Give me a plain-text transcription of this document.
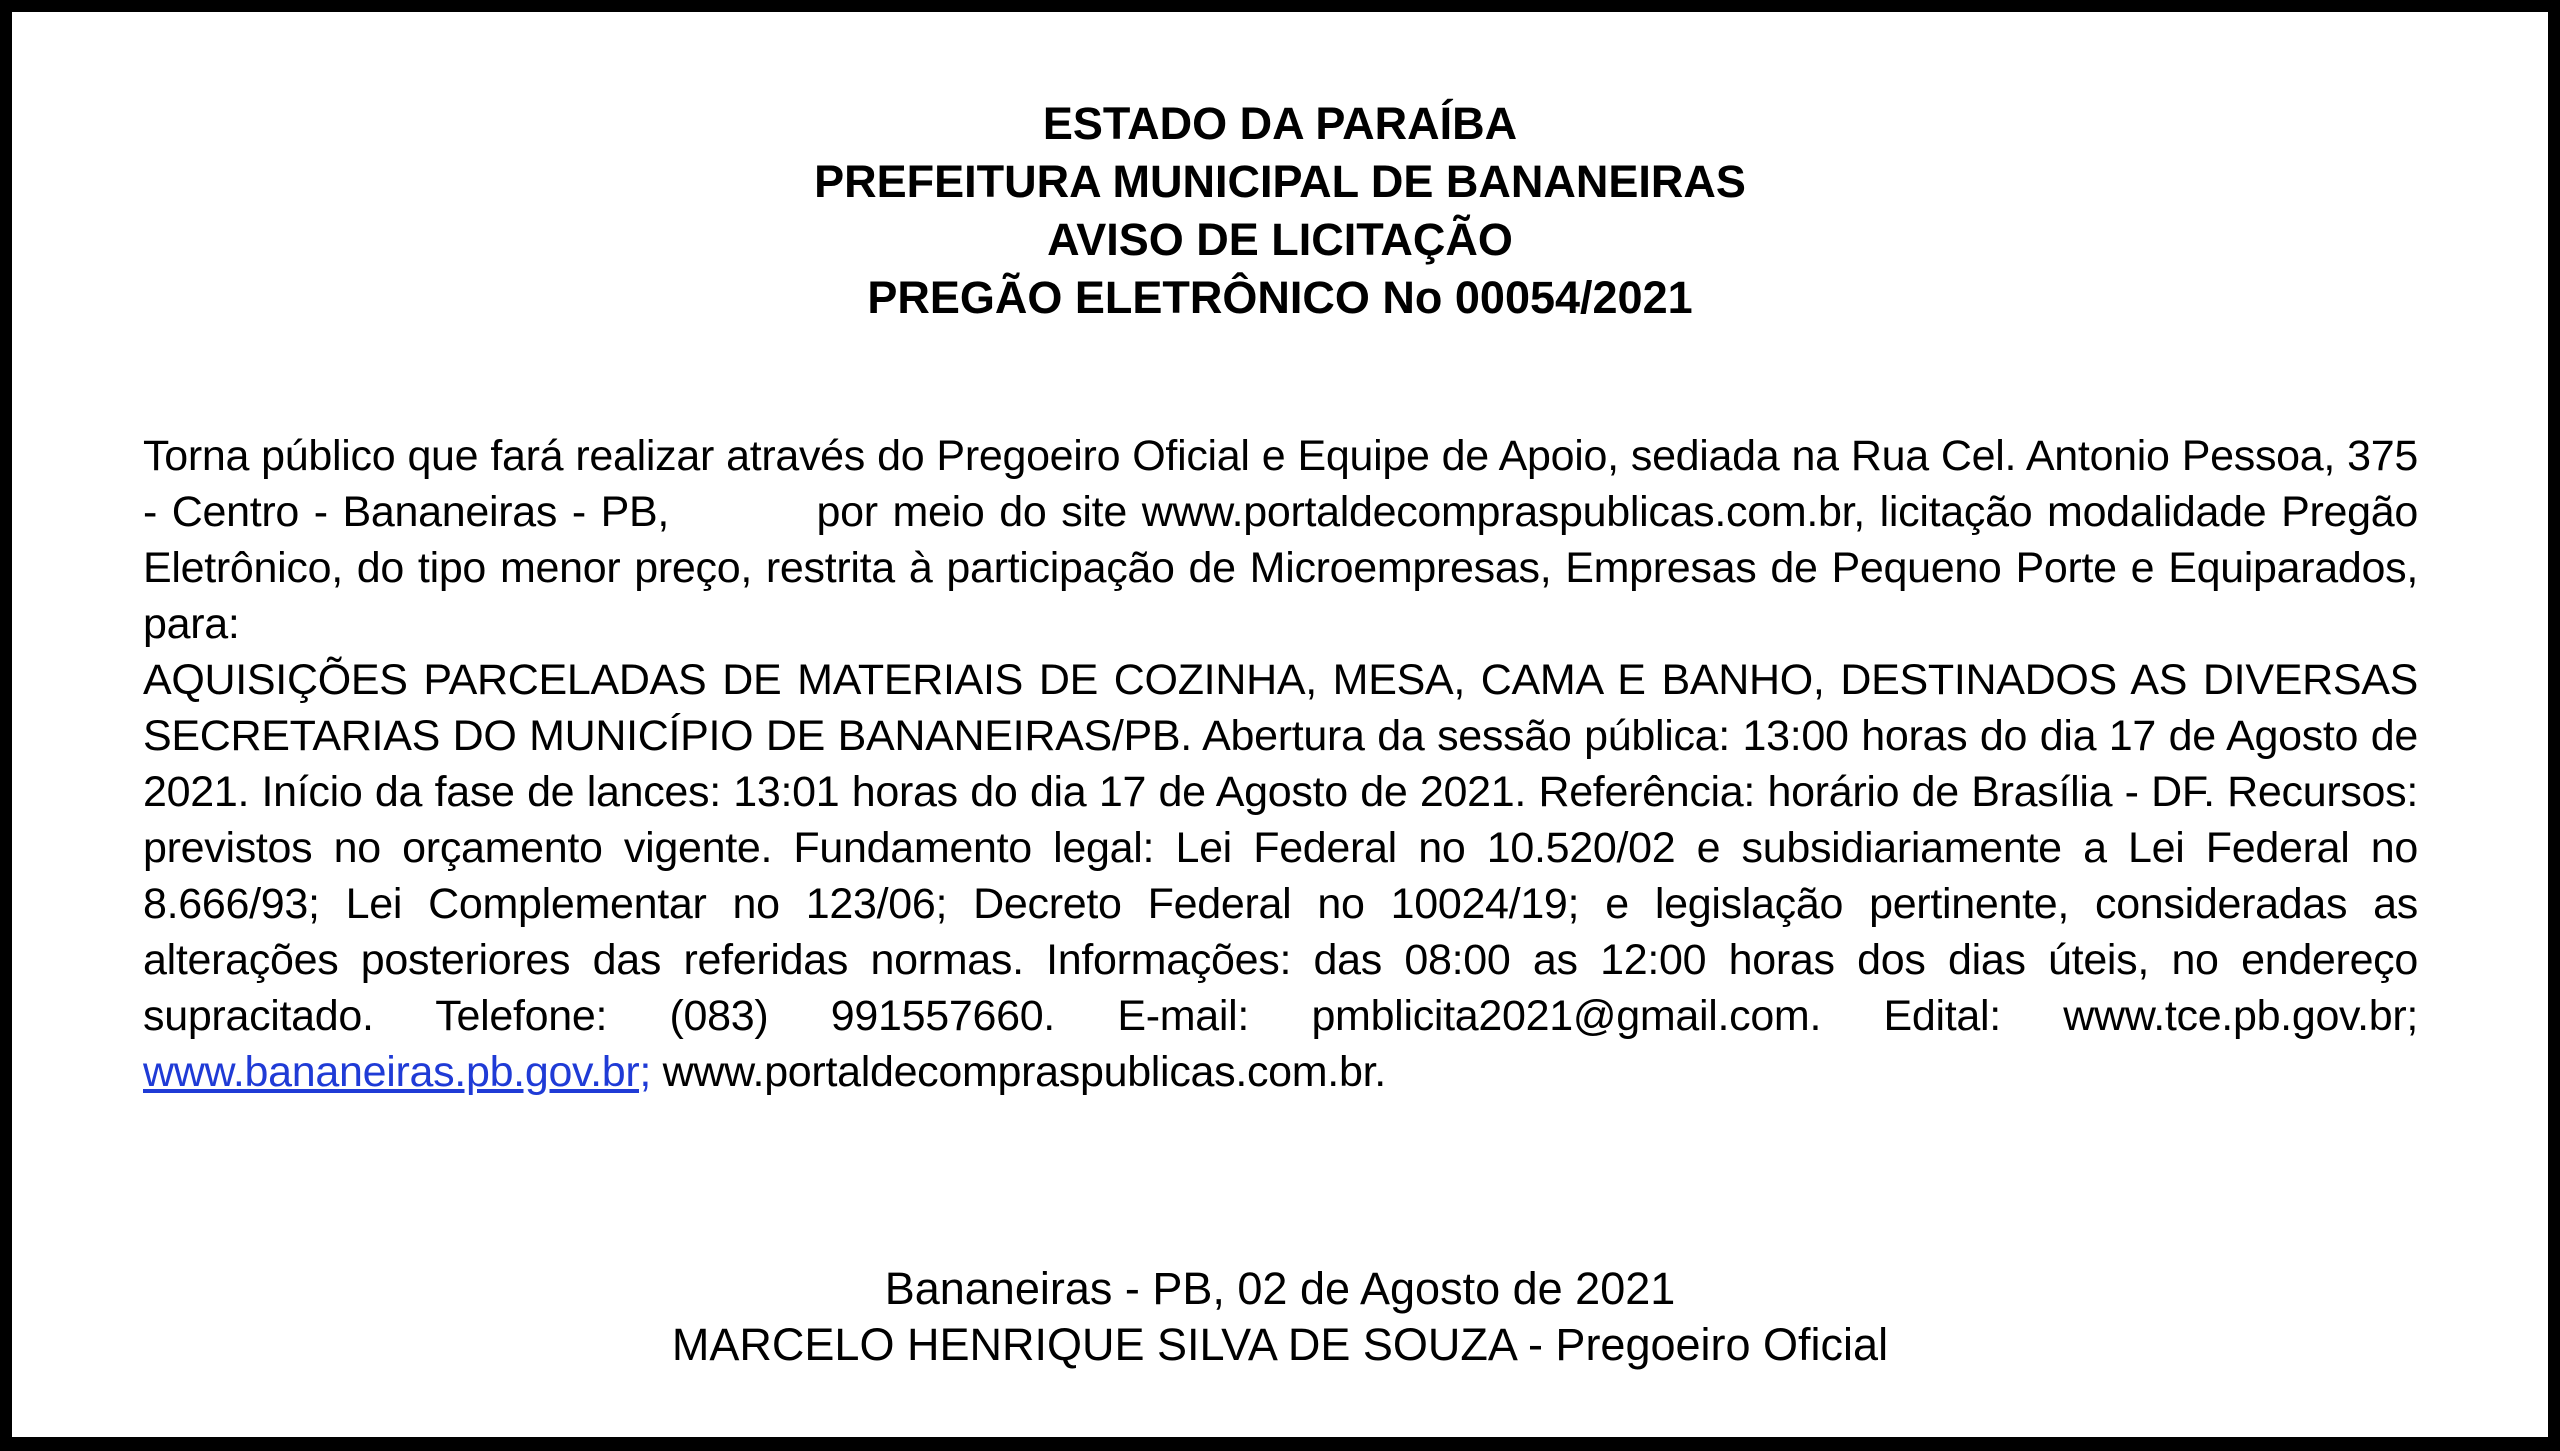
ESTADO DA PARAÍBA
PREFEITURA MUNICIPAL DE BANANEIRAS
AVISO DE LICITAÇÃO
PREGÃO ELETRÔNICO No 00054/2021

Torna público que fará realizar através do Pregoeiro Oficial e Equipe de Apoio, sediada na Rua Cel. Antonio Pessoa, 375        - Centro - Bananeiras - PB,          por meio do site www.portaldecompraspublicas.com.br, licitação modalidade Pregão Eletrônico, do tipo menor preço, restrita à participação de Microempresas, Empresas de Pequeno Porte e Equiparados, para:

AQUISIÇÕES PARCELADAS DE MATERIAIS DE COZINHA, MESA, CAMA E BANHO, DESTINADOS AS DIVERSAS SECRETARIAS DO MUNICÍPIO DE BANANEIRAS/PB. Abertura da sessão pública: 13:00 horas do dia 17 de Agosto de 2021. Início da fase de lances: 13:01 horas do dia 17 de Agosto de 2021. Referência: horário de Brasília - DF. Recursos: previstos no orçamento vigente. Fundamento legal: Lei Federal no 10.520/02 e subsidiariamente a Lei Federal no 8.666/93; Lei Complementar no 123/06; Decreto Federal no 10024/19; e legislação pertinente, consideradas as alterações posteriores das referidas normas. Informações: das 08:00 as 12:00 horas dos dias úteis, no endereço supracitado. Telefone: (083) 991557660. E-mail: pmblicita2021@gmail.com. Edital: www.tce.pb.gov.br; www.bananeiras.pb.gov.br; www.portaldecompraspublicas.com.br.

Bananeiras - PB, 02 de Agosto de 2021
MARCELO HENRIQUE SILVA DE SOUZA - Pregoeiro Oficial
